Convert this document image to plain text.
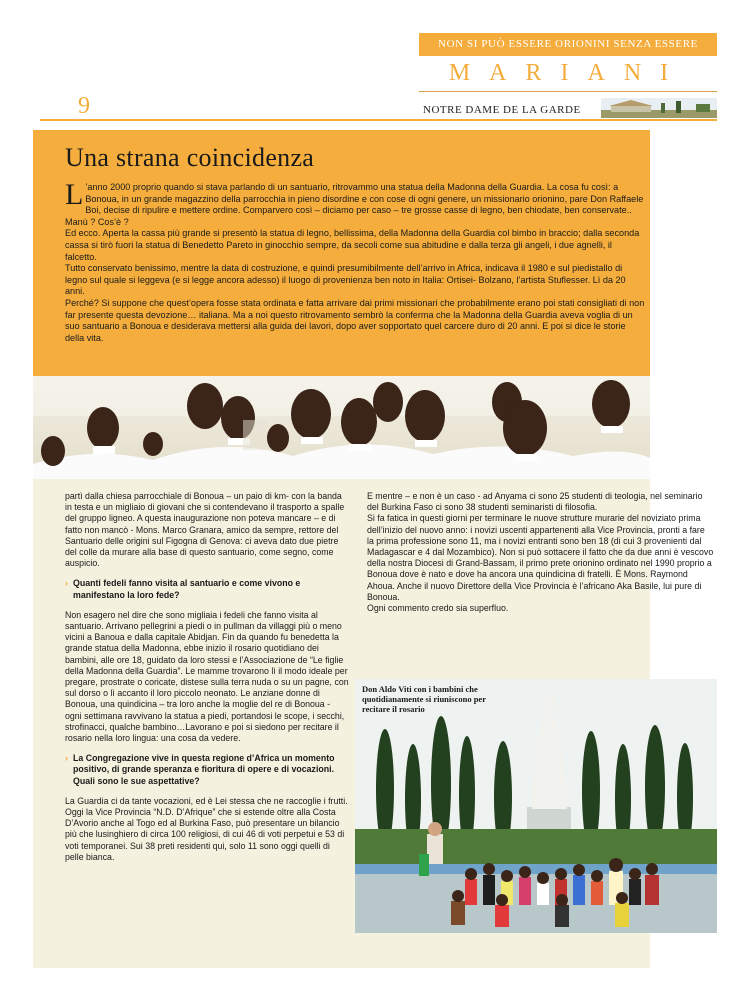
NON SI PUÒ ESSERE ORIONINI SENZA ESSERE
MARIANI
NOTRE DAME DE LA GARDE
9
Una strana coincidenza

L ’anno 2000 proprio quando si stava parlando di un santuario, ritrovammo una statua della Madonna della Guardia. La cosa fu così: a Bonoua, in un grande magazzino della parrocchia in pieno disordine e con cose di ogni genere, un missionario orionino, pare Don Raffaele Boi, decise di ripulire e mettere ordine. Comparvero così – diciamo per caso – tre grosse casse di legno, ben chiodate, ben conservate.. Manù ? Cos’è ?

Ed ecco. Aperta la cassa più grande si presentò la statua di legno, bellissima, della Madonna della Guardia col bimbo in braccio; dalla seconda cassa si tirò fuori la statua di Benedetto Pareto in ginocchio sempre, da secoli come sua abitudine e dalla terza gli angeli, i due agnelli, il falcetto.

Tutto conservato benissimo, mentre la data di costruzione, e quindi presumibilmente dell’arrivo in Africa, indicava il 1980 e sul piedistallo di legno sul quale si leggeva (e si legge ancora adesso) il luogo di provenienza ben noto in Italia: Ortisei- Bolzano, l’artista Stuflesser. Lì da 20 anni.

Perché? Si suppone che quest’opera fosse stata ordinata e fatta arrivare dai primi missionari che probabilmente erano poi stati consigliati di non far presente questa devozione… italiana. Ma a noi questo ritrovamento sembrò la conferma che la Madonna della Guardia aveva voglia di un suo santuario a Bonoua e desiderava mettersi alla guida dei lavori, dopo aver sopportato quel carcere duro di 20 anni. E poi si dice le storie della vita.

partì dalla chiesa parrocchiale di Bonoua – un paio di km- con la banda in testa e un migliaio di giovani che si contendevano il trasporto a spalle del gruppo ligneo. A questa inaugurazione non poteva mancare – e di fatto non mancò - Mons. Marco Granara, amico da sempre, rettore del Santuario delle origini sul Figogna di Genova: ci aveva dato due pietre del colle da murare alla base di questo santuario, come segno, come auspicio.

› Quanti fedeli fanno visita al santuario e come vivono e manifestano la loro fede?

Non esagero nel dire che sono migliaia i fedeli che fanno visita al santuario. Arrivano pellegrini a piedi o in pullman da villaggi più o meno vicini a Banoua e dalla capitale Abidjan. Fin da quando fu benedetta la grande statua della Madonna, ebbe inizio il rosario quotidiano dei bambini, alle ore 18, guidato da loro stessi e l’Associazione de “Le figlie della Madonna della Guardia”. Le mamme trovarono lì il modo ideale per pregare, prostrate o coricate, distese sulla terra nuda o su un pagne, con sul dorso o lì accanto il loro piccolo neonato. Le anziane donne di Bonoua, una quindicina – tra loro anche la moglie del re di Bonoua - ogni settimana ravvivano la statua a piedi, portandosi le scope, i secchi, strofinacci, qualche bambino…Lavorano e poi si siedono per recitare il rosario nella loro lingua: una cosa da vedere.

› La Congregazione vive in questa regione d’Africa un momento positivo, di grande speranza e fioritura di opere e di vocazioni. Quali sono le sue aspettative?

La Guardia ci da tante vocazioni, ed è Lei stessa che ne raccoglie i frutti. Oggi la Vice Provincia “N.D. D’Afrique” che si estende oltre alla Costa D’Avorio anche al Togo ed al Burkina Faso, può presentare un bilancio più che lusinghiero di circa 100 religiosi, di cui 46 di voti perpetui e 53 di voti temporanei. Sui 38 preti residenti qui, solo 11 sono oggi quelli di pelle bianca.

E mentre – e non è un caso - ad Anyama ci sono 25 studenti di teologia, nel seminario del Burkina Faso ci sono 38 studenti seminaristi di filosofia.

Si fa fatica in questi giorni per terminare le nuove strutture murarie del noviziato prima dell’inizio del nuovo anno: i novizi uscenti appartenenti alla Vice Provincia, pronti a fare la prima professione sono 11, ma i novizi entranti sono ben 18 (di cui 3 provenienti dal Madagascar e 4 dal Mozambico). Non si può sottacere il fatto che da due anni è vescovo della nostra Diocesi di Grand-Bassam, il primo prete orionino ordinato nel 1990 proprio a Bonoua dove è nato e dove ha ancora una quindicina di fratelli. È Mons. Raymond Ahoua. Anche il nuovo Direttore della Vice Provincia è l’africano Aka Basile, lui pure di Bonoua.

Ogni commento credo sia superfluo.

Don Aldo Viti con i bambini che quotidianamente si riuniscono per recitare il rosario
